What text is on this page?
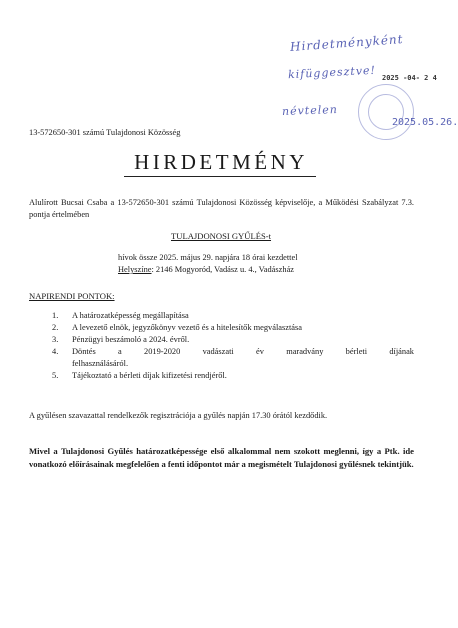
Hirdetményként
kifüggesztve! 2025 -04- 2 4
névtelen
2025.05.26.
13-572650-301 számú Tulajdonosi Közösség
HIRDETMÉNY

Alulírott Bucsai Csaba a 13-572650-301 számú Tulajdonosi Közösség képviselője, a Működési Szabályzat 7.3. pontja értelmében

TULAJDONOSI GYŰLÉS-t
hívok össze 2025. május 29. napjára 18 órai kezdettel
Helyszíne: 2146 Mogyoród, Vadász u. 4., Vadászház
NAPIRENDI PONTOK:
1. A határozatképesség megállapítása
2. A levezető elnök, jegyzőkönyv vezető és a hitelesítők megválasztása
3. Pénzügyi beszámoló a 2024. évről.
4. Döntés a 2019-2020 vadászati év maradvány bérleti díjának
felhasználásáról.
5. Tájékoztató a bérleti díjak kifizetési rendjéről.

A gyűlésen szavazattal rendelkezők regisztrációja a gyűlés napján 17.30 órától kezdődik.

Mivel a Tulajdonosi Gyűlés határozatképessége első alkalommal nem szokott meglenni, így a Ptk. ide vonatkozó előírásainak megfelelően a fenti időpontot már a megismételt Tulajdonosi gyűlésnek tekintjük.
